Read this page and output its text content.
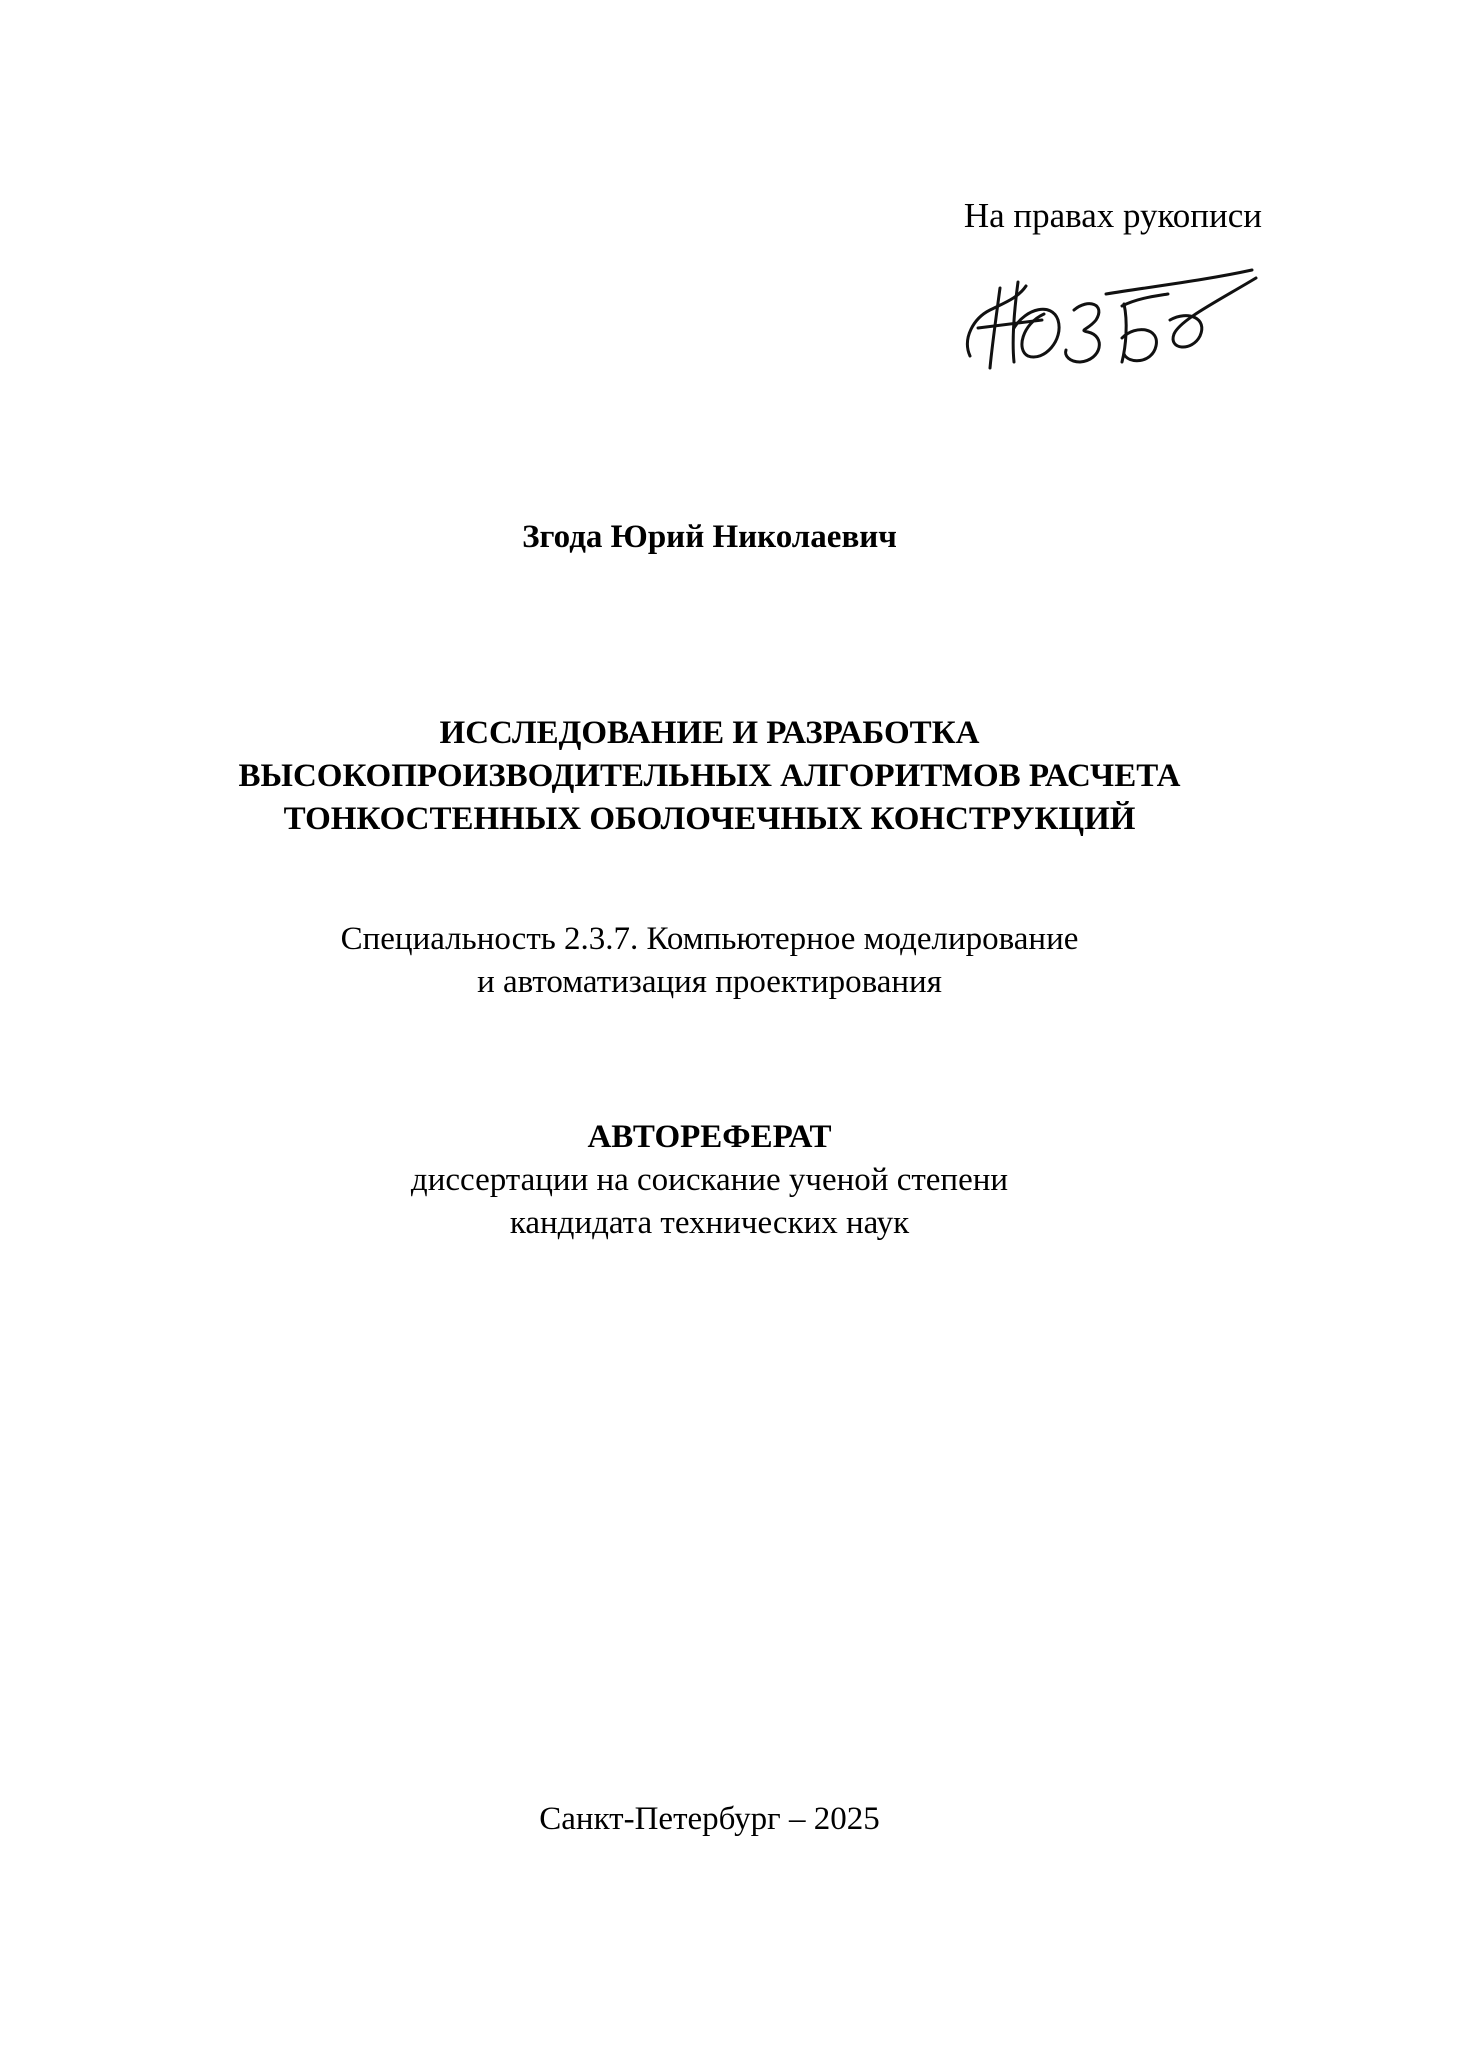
На правах рукописи
Згода Юрий Николаевич
ИССЛЕДОВАНИЕ И РАЗРАБОТКА
ВЫСОКОПРОИЗВОДИТЕЛЬНЫХ АЛГОРИТМОВ РАСЧЕТА
ТОНКОСТЕННЫХ ОБОЛОЧЕЧНЫХ КОНСТРУКЦИЙ
Специальность 2.3.7. Компьютерное моделирование
и автоматизация проектирования
АВТОРЕФЕРАТ
диссертации на соискание ученой степени
кандидата технических наук
Санкт-Петербург – 2025
